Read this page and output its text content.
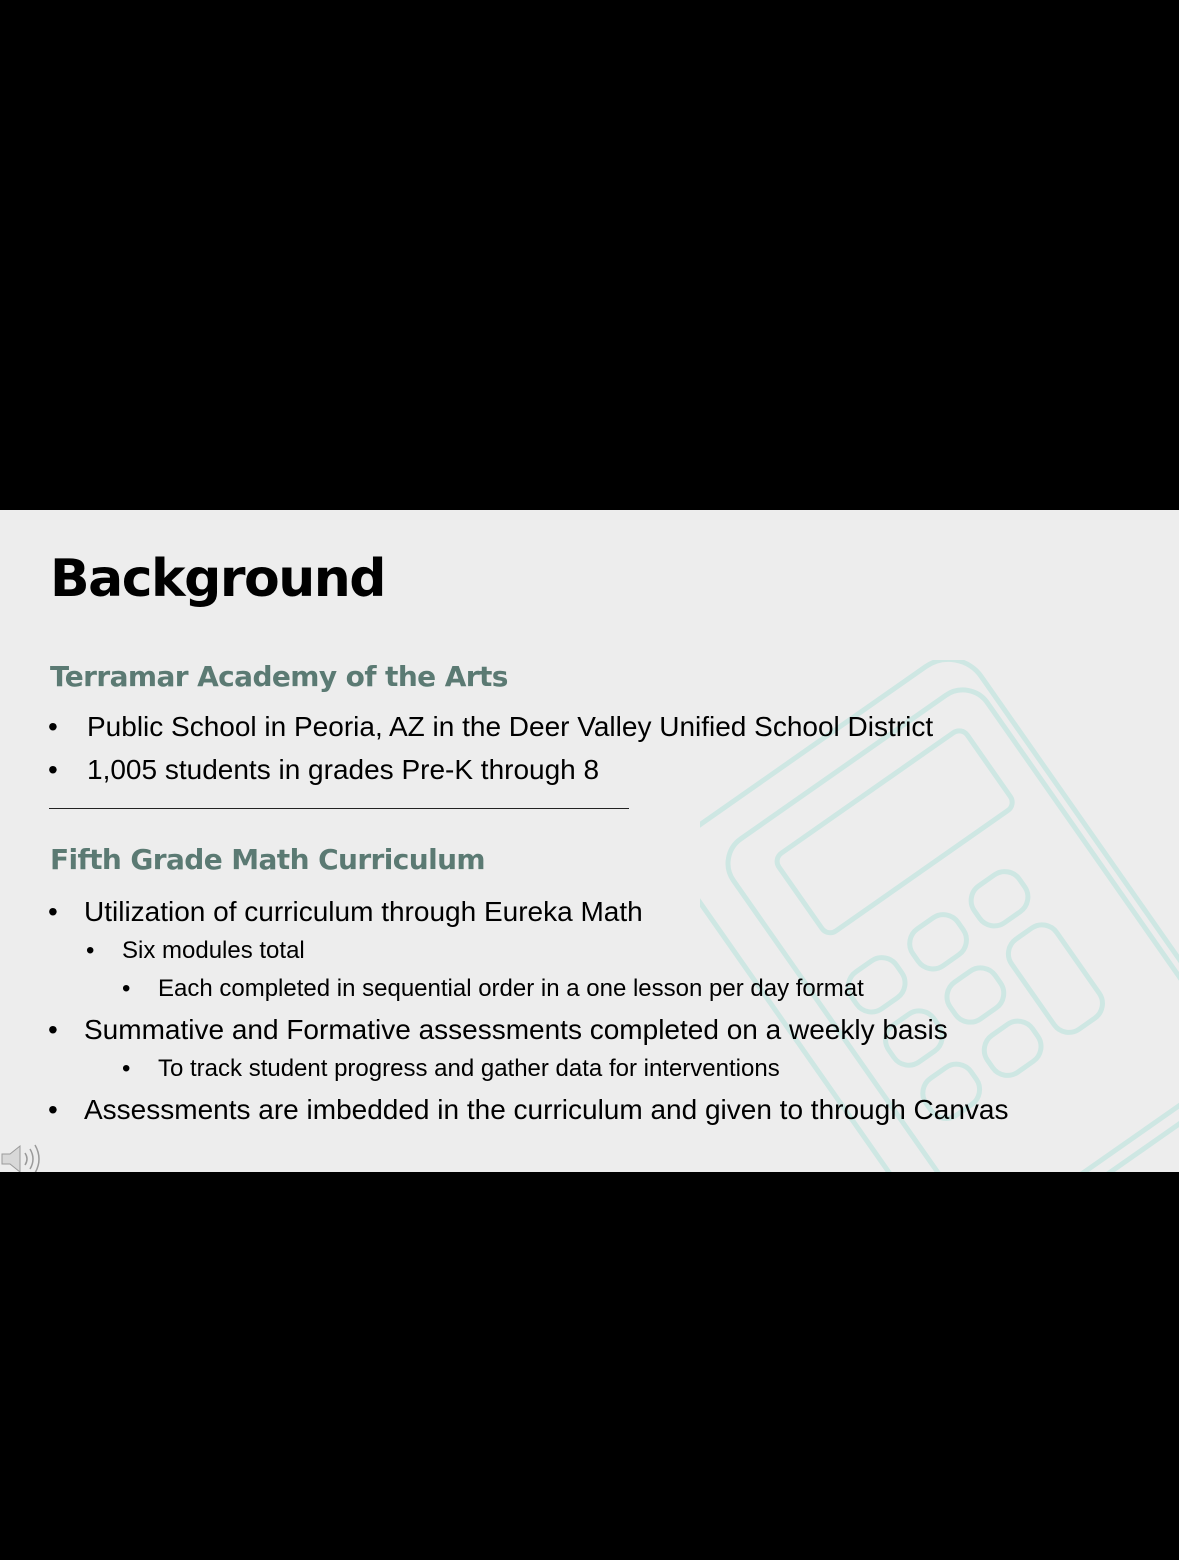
Background
Terramar Academy of the Arts
• Public School in Peoria, AZ in the Deer Valley Unified School District
• 1,005 students in grades Pre-K through 8
Fifth Grade Math Curriculum
• Utilization of curriculum through Eureka Math
• Six modules total
• Each completed in sequential order in a one lesson per day format
• Summative and Formative assessments completed on a weekly basis
• To track student progress and gather data for interventions
• Assessments are imbedded in the curriculum and given to through Canvas
